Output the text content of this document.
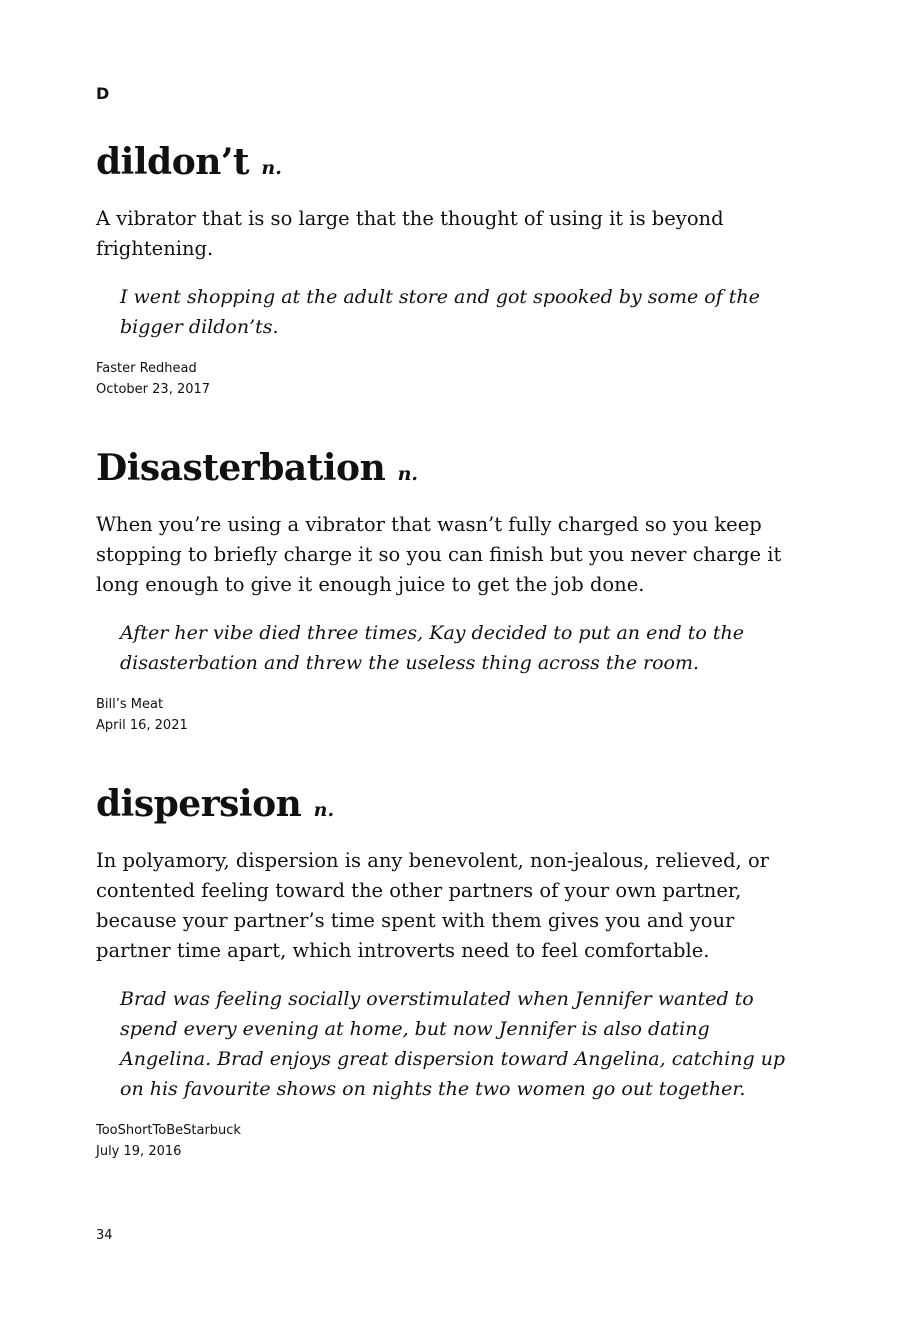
D
dildon’t n.

A vibrator that is so large that the thought of using it is beyond frightening.

I went shopping at the adult store and got spooked by some of the bigger dildon’ts.

Faster Redhead
October 23, 2017
Disasterbation n.

When you’re using a vibrator that wasn’t fully charged so you keep stopping to briefly charge it so you can finish but you never charge it long enough to give it enough juice to get the job done.

After her vibe died three times, Kay decided to put an end to the disasterbation and threw the useless thing across the room.

Bill’s Meat
April 16, 2021
dispersion n.

In polyamory, dispersion is any benevolent, non-jealous, relieved, or contented feeling toward the other partners of your own partner, because your partner’s time spent with them gives you and your partner time apart, which introverts need to feel comfortable.

Brad was feeling socially overstimulated when Jennifer wanted to spend every evening at home, but now Jennifer is also dating Angelina. Brad enjoys great dispersion toward Angelina, catching up on his favourite shows on nights the two women go out together.

TooShortToBeStarbuck
July 19, 2016
34
